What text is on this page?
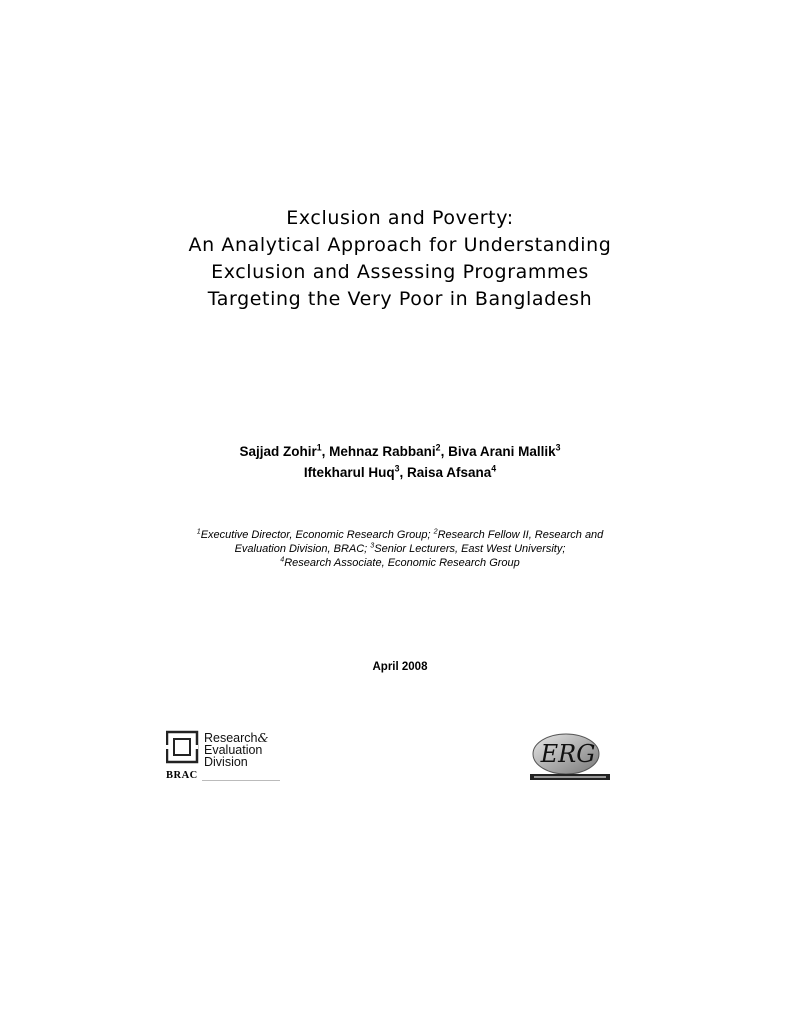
Exclusion and Poverty:
An Analytical Approach for Understanding
Exclusion and Assessing Programmes
Targeting the Very Poor in Bangladesh
Sajjad Zohir$^1$, Mehnaz Rabbani$^2$, Biva Arani Mallik$^3$
Iftekharul Huq$^3$, Raisa Afsana$^4$
$^1$Executive Director, Economic Research Group; $^2$Research Fellow II, Research and
Evaluation Division, BRAC; $^3$Senior Lecturers, East West University;
$^4$Research Associate, Economic Research Group
April 2008
Research&
Evaluation
Division
BRAC
ERG
